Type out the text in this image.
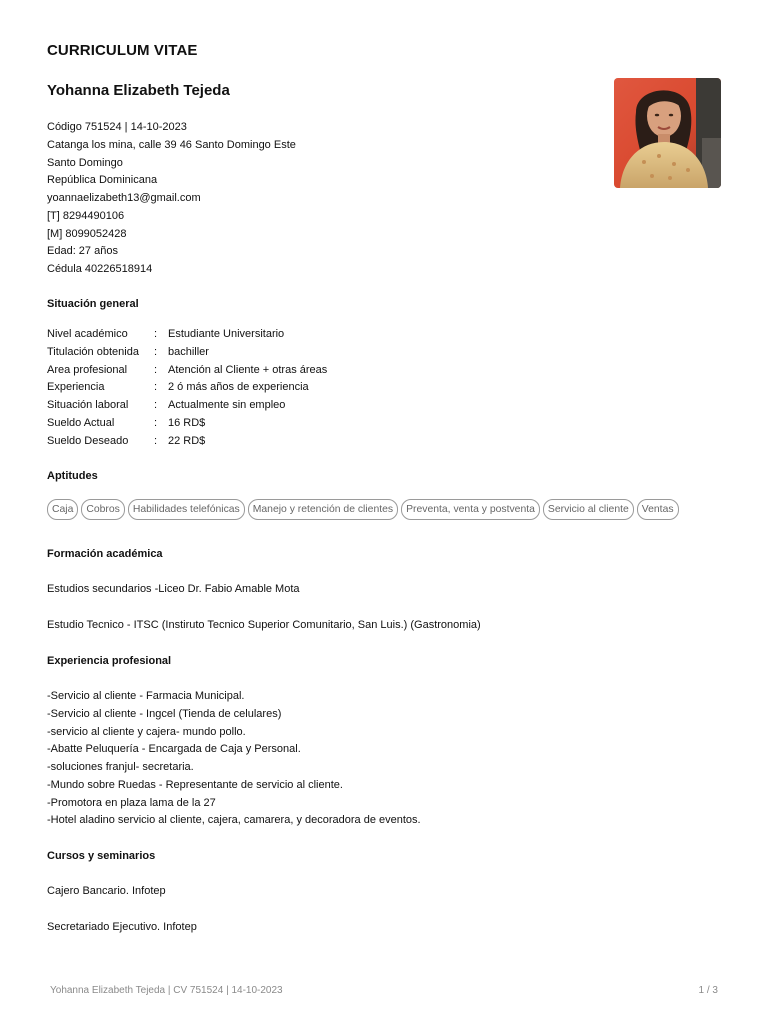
CURRICULUM VITAE
Yohanna Elizabeth Tejeda
Código 751524 | 14-10-2023
Catanga los mina, calle 39 46 Santo Domingo Este
Santo Domingo
República Dominicana
yoannaelizabeth13@gmail.com
[T] 8294490106
[M] 8099052428
Edad: 27 años
Cédula 40226518914
Situación general
Nivel académico	: Estudiante Universitario
Titulación obtenida	: bachiller
Area profesional	: Atención al Cliente + otras áreas
Experiencia	: 2 ó más años de experiencia
Situación laboral	: Actualmente sin empleo
Sueldo Actual	: 16 RD$
Sueldo Deseado	: 22 RD$
Aptitudes
Caja	Cobros	Habilidades telefónicas	Manejo y retención de clientes	Preventa, venta y postventa	Servicio al cliente	Ventas
Formación académica
Estudios secundarios -Liceo Dr. Fabio Amable Mota
Estudio Tecnico - ITSC (Instiruto Tecnico Superior Comunitario, San Luis.) (Gastronomia)
Experiencia profesional
-Servicio al cliente - Farmacia Municipal.
-Servicio al cliente - Ingcel (Tienda de celulares)
-servicio al cliente y cajera- mundo pollo.
-Abatte Peluquería - Encargada de Caja y Personal.
-soluciones franjul- secretaria.
-Mundo sobre Ruedas - Representante de servicio al cliente.
-Promotora en plaza lama de la 27
-Hotel aladino servicio al cliente, cajera, camarera, y decoradora de eventos.
Cursos y seminarios
Cajero Bancario. Infotep
Secretariado Ejecutivo. Infotep
Yohanna Elizabeth Tejeda | CV 751524 | 14-10-2023	1 / 3
